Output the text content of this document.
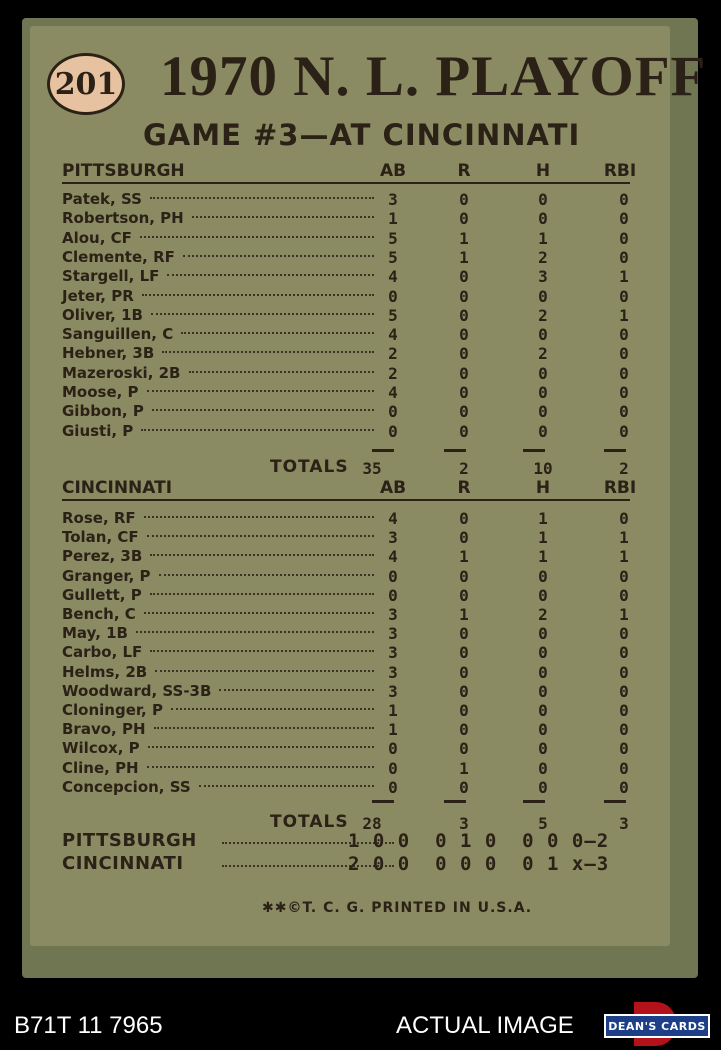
201 1970 N. L. PLAYOFF
GAME #3—AT CINCINNATI
PITTSBURGH	AB	R	H	RBI
Patek, SS	3	0	0	0
Robertson, PH	1	0	0	0
Alou, CF	5	1	1	0
Clemente, RF	5	1	2	0
Stargell, LF	4	0	3	1
Jeter, PR	0	0	0	0
Oliver, 1B	5	0	2	1
Sanguillen, C	4	0	0	0
Hebner, 3B	2	0	2	0
Mazeroski, 2B	2	0	0	0
Moose, P	4	0	0	0
Gibbon, P	0	0	0	0
Giusti, P	0	0	0	0
TOTALS 35	2	10	2
CINCINNATI	AB	R	H	RBI
Rose, RF	4	0	1	0
Tolan, CF	3	0	1	1
Perez, 3B	4	1	1	1
Granger, P	0	0	0	0
Gullett, P	0	0	0	0
Bench, C	3	1	2	1
May, 1B	3	0	0	0
Carbo, LF	3	0	0	0
Helms, 2B	3	0	0	0
Woodward, SS-3B	3	0	0	0
Cloninger, P	1	0	0	0
Bravo, PH	1	0	0	0
Wilcox, P	0	0	0	0
Cline, PH	0	1	0	0
Concepcion, SS	0	0	0	0
TOTALS 28	3	5	3
PITTSBURGH	1 0 0  0 1 0  0 0 0—2
CINCINNATI	2 0 0  0 0 0  0 1 x—3
✱✱©T. C. G. PRINTED IN U.S.A.
B71T 11 7965	ACTUAL IMAGE	DEAN'S CARDS
